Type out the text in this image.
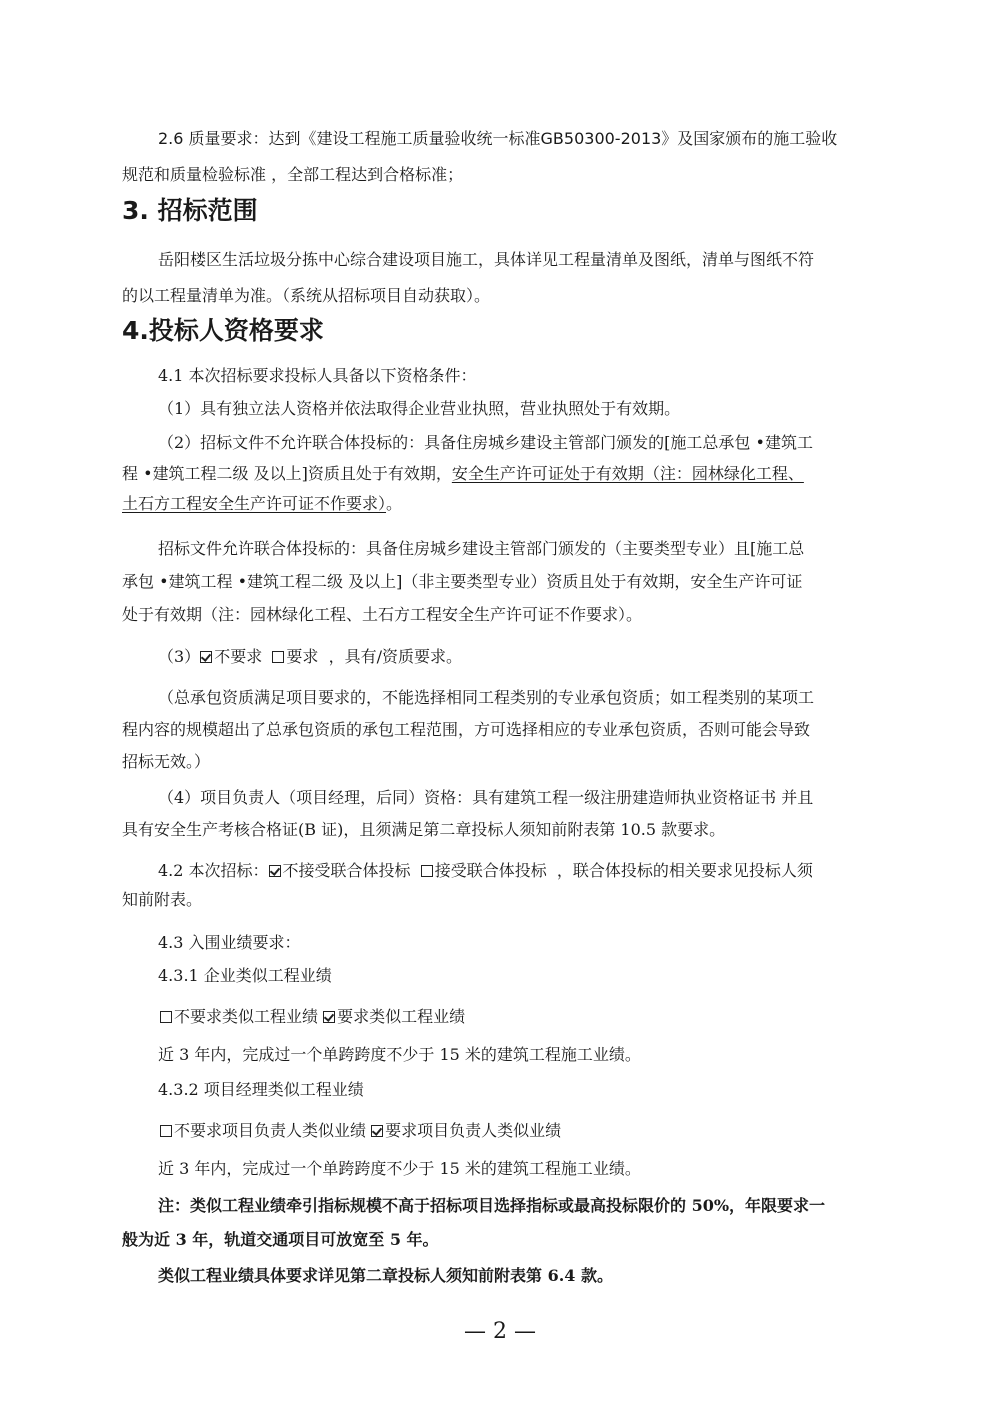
2.6 质量要求：达到《建设工程施工质量验收统一标准GB50300-2013》及国家颁布的施工验收
规范和质量检验标准 ，全部工程达到合格标准；
3. 招标范围
岳阳楼区生活垃圾分拣中心综合建设项目施工，具体详见工程量清单及图纸，清单与图纸不符
的以工程量清单为准。（系统从招标项目自动获取）。
4.投标人资格要求
4.1 本次招标要求投标人具备以下资格条件：
（1）具有独立法人资格并依法取得企业营业执照，营业执照处于有效期。
（2）招标文件不允许联合体投标的：具备住房城乡建设主管部门颁发的[施工总承包 •建筑工
程 •建筑工程二级 及以上]资质且处于有效期，安全生产许可证处于有效期（注：园林绿化工程、
土石方工程安全生产许可证不作要求）。
招标文件允许联合体投标的：具备住房城乡建设主管部门颁发的（主要类型专业）且[施工总
承包 •建筑工程 •建筑工程二级 及以上]（非主要类型专业）资质且处于有效期，安全生产许可证
处于有效期（注：园林绿化工程、土石方工程安全生产许可证不作要求）。
（3） 不要求 要求 ，具有/资质要求。
（总承包资质满足项目要求的，不能选择相同工程类别的专业承包资质；如工程类别的某项工
程内容的规模超出了总承包资质的承包工程范围，方可选择相应的专业承包资质，否则可能会导致
招标无效。）
（4）项目负责人（项目经理，后同）资格：具有建筑工程一级注册建造师执业资格证书 并且
具有安全生产考核合格证(B 证)，且须满足第二章投标人须知前附表第 10.5 款要求。
4.2 本次招标： 不接受联合体投标 接受联合体投标 ，联合体投标的相关要求见投标人须
知前附表。
4.3 入围业绩要求：
4.3.1 企业类似工程业绩
不要求类似工程业绩 要求类似工程业绩
近 3 年内，完成过一个单跨跨度不少于 15 米的建筑工程施工业绩。
4.3.2 项目经理类似工程业绩
不要求项目负责人类似业绩 要求项目负责人类似业绩
近 3 年内，完成过一个单跨跨度不少于 15 米的建筑工程施工业绩。
注：类似工程业绩牵引指标规模不高于招标项目选择指标或最高投标限价的 50%，年限要求一
般为近 3 年，轨道交通项目可放宽至 5 年。
类似工程业绩具体要求详见第二章投标人须知前附表第 6.4 款。
— 2 —
